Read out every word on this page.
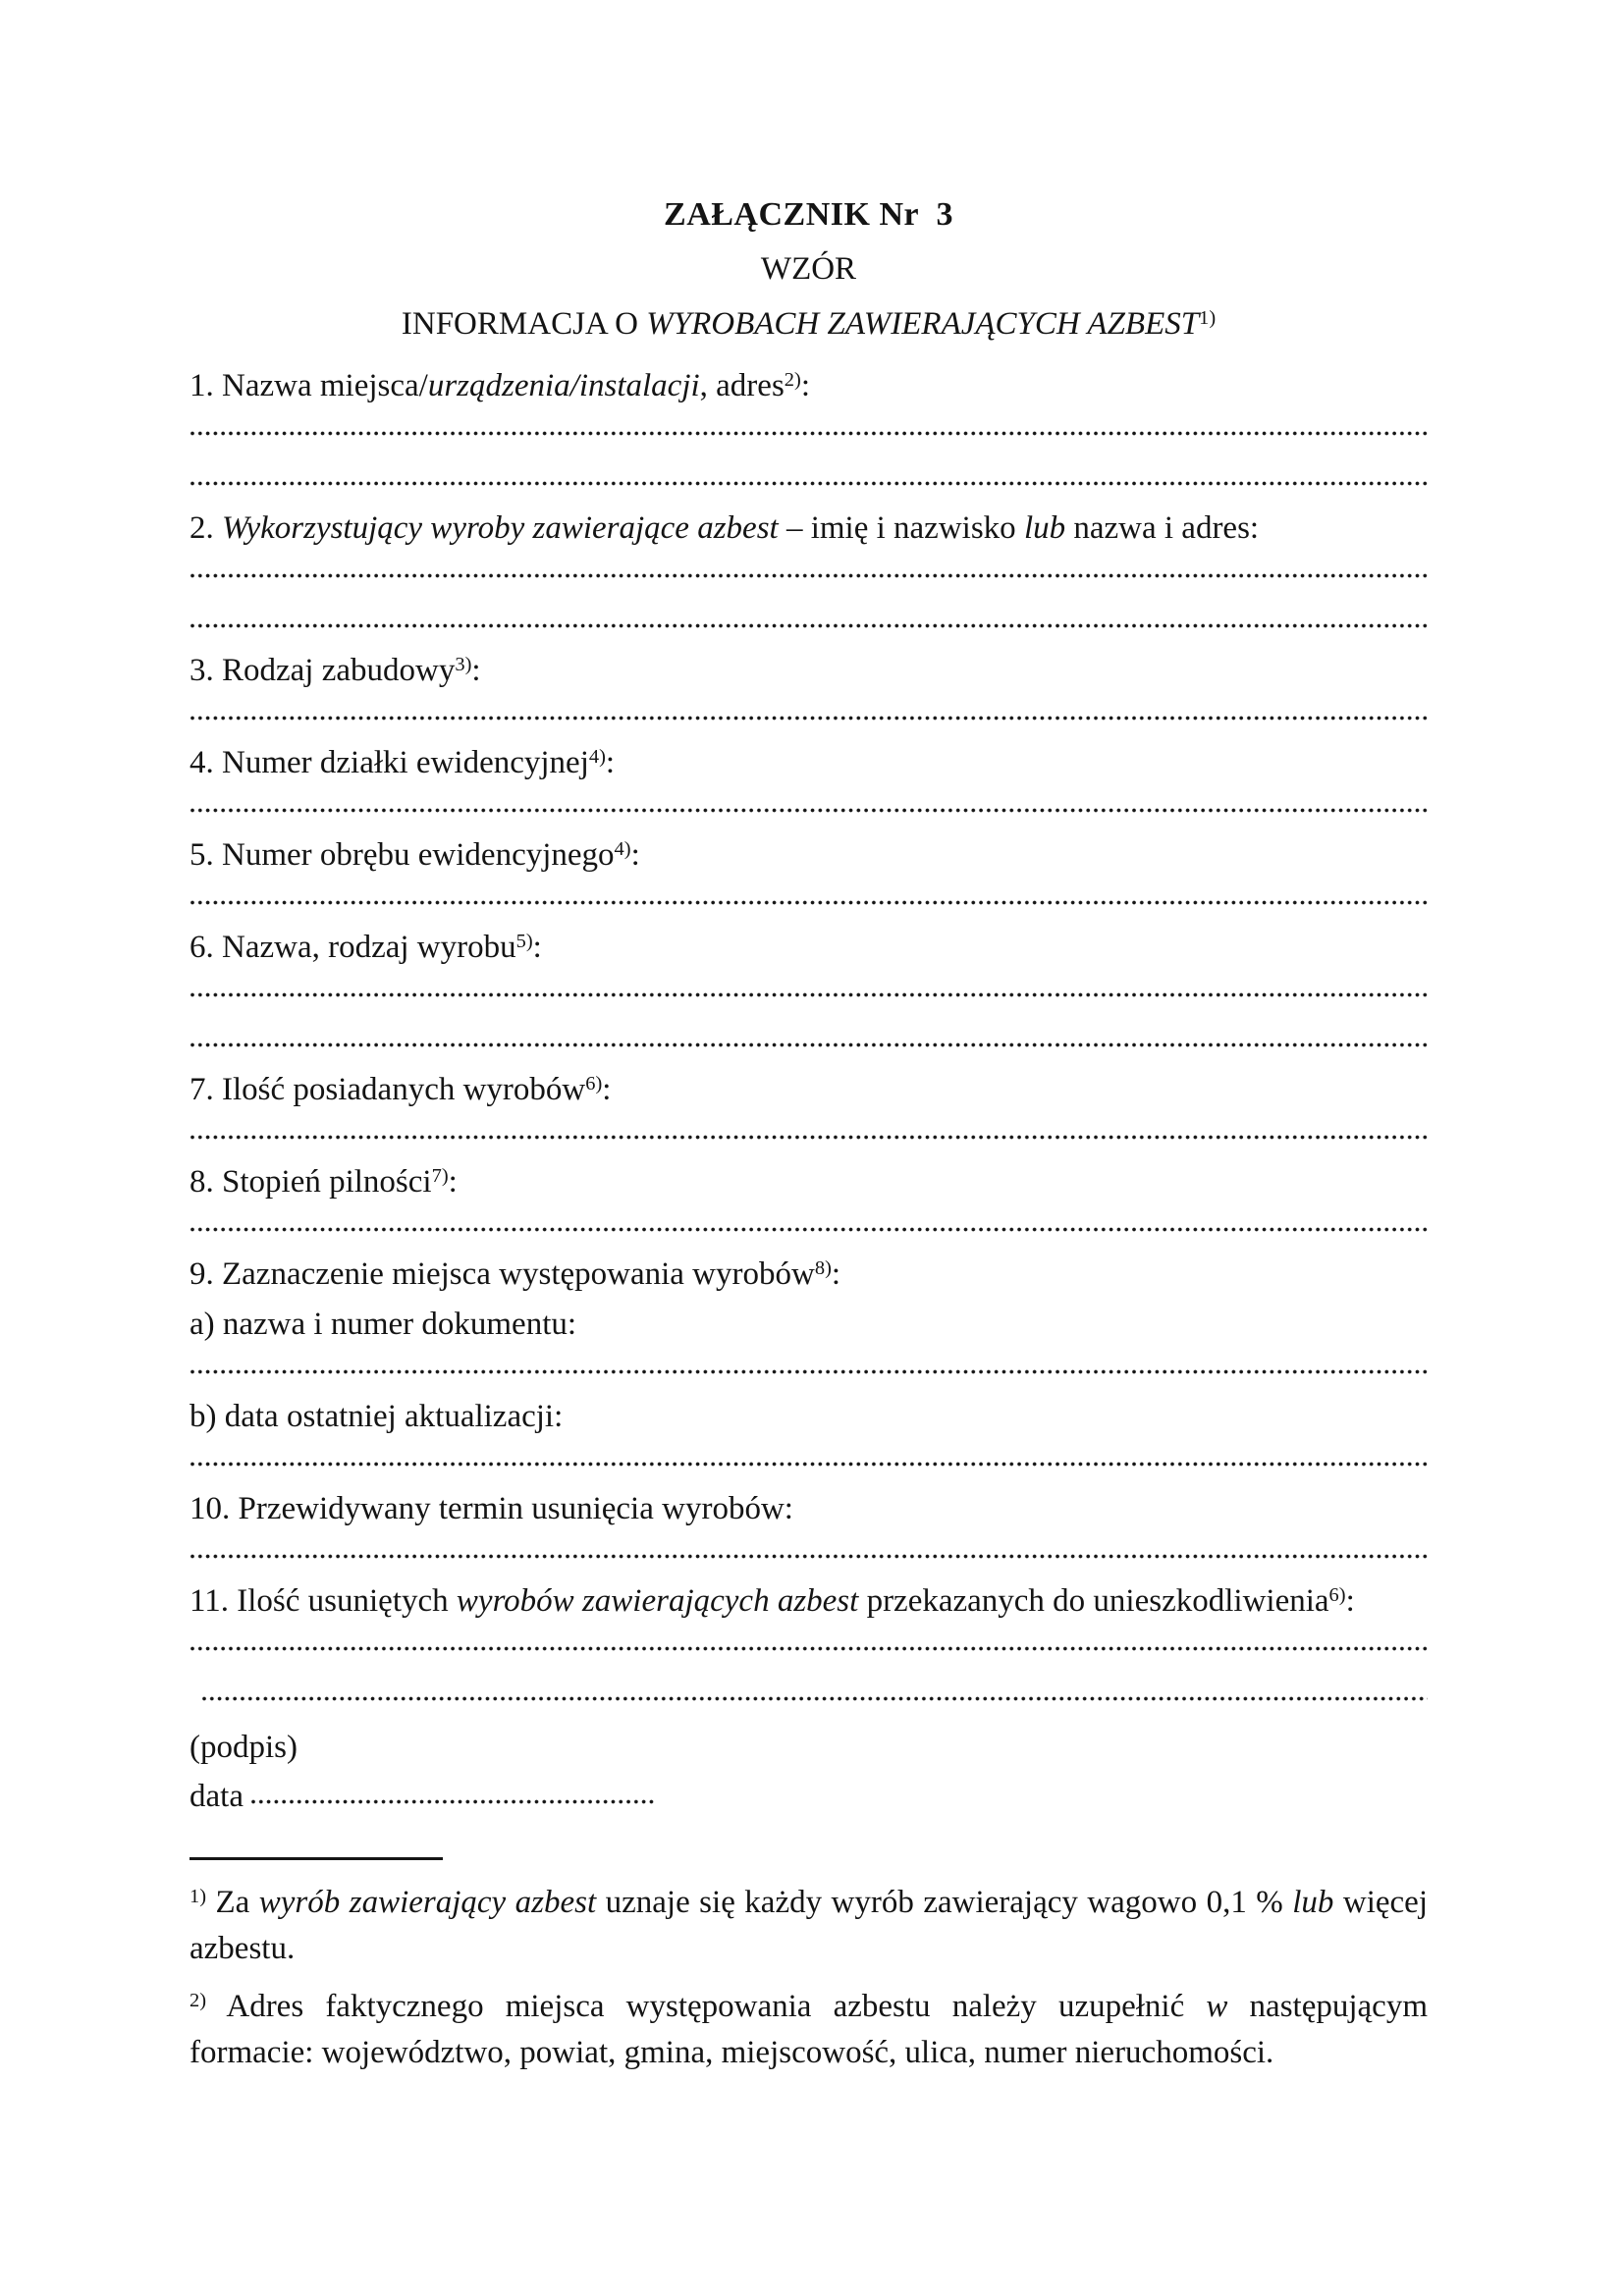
ZAŁĄCZNIK Nr  3
WZÓR
INFORMACJA O WYROBACH ZAWIERAJĄCYCH AZBEST$^{1)}$

1. Nazwa miejsca/urządzenia/instalacji, adres$^{2)}$:

2. Wykorzystujący wyroby zawierające azbest – imię i nazwisko lub nazwa i adres:

3. Rodzaj zabudowy$^{3)}$:

4. Numer działki ewidencyjnej$^{4)}$:

5. Numer obrębu ewidencyjnego$^{4)}$:

6. Nazwa, rodzaj wyrobu$^{5)}$:

7. Ilość posiadanych wyrobów$^{6)}$:

8. Stopień pilności$^{7)}$:

9. Zaznaczenie miejsca występowania wyrobów$^{8)}$:

a) nazwa i numer dokumentu:

b) data ostatniej aktualizacji:

10. Przewidywany termin usunięcia wyrobów:

11. Ilość usuniętych wyrobów zawierających azbest przekazanych do unieszkodliwienia$^{6)}$:

(podpis)

data

$^{1)}$ Za wyrób zawierający azbest uznaje się każdy wyrób zawierający wagowo 0,1 % lub więcej azbestu.

$^{2)}$ Adres faktycznego miejsca występowania azbestu należy uzupełnić w następującym formacie: województwo, powiat, gmina, miejscowość, ulica, numer nieruchomości.
